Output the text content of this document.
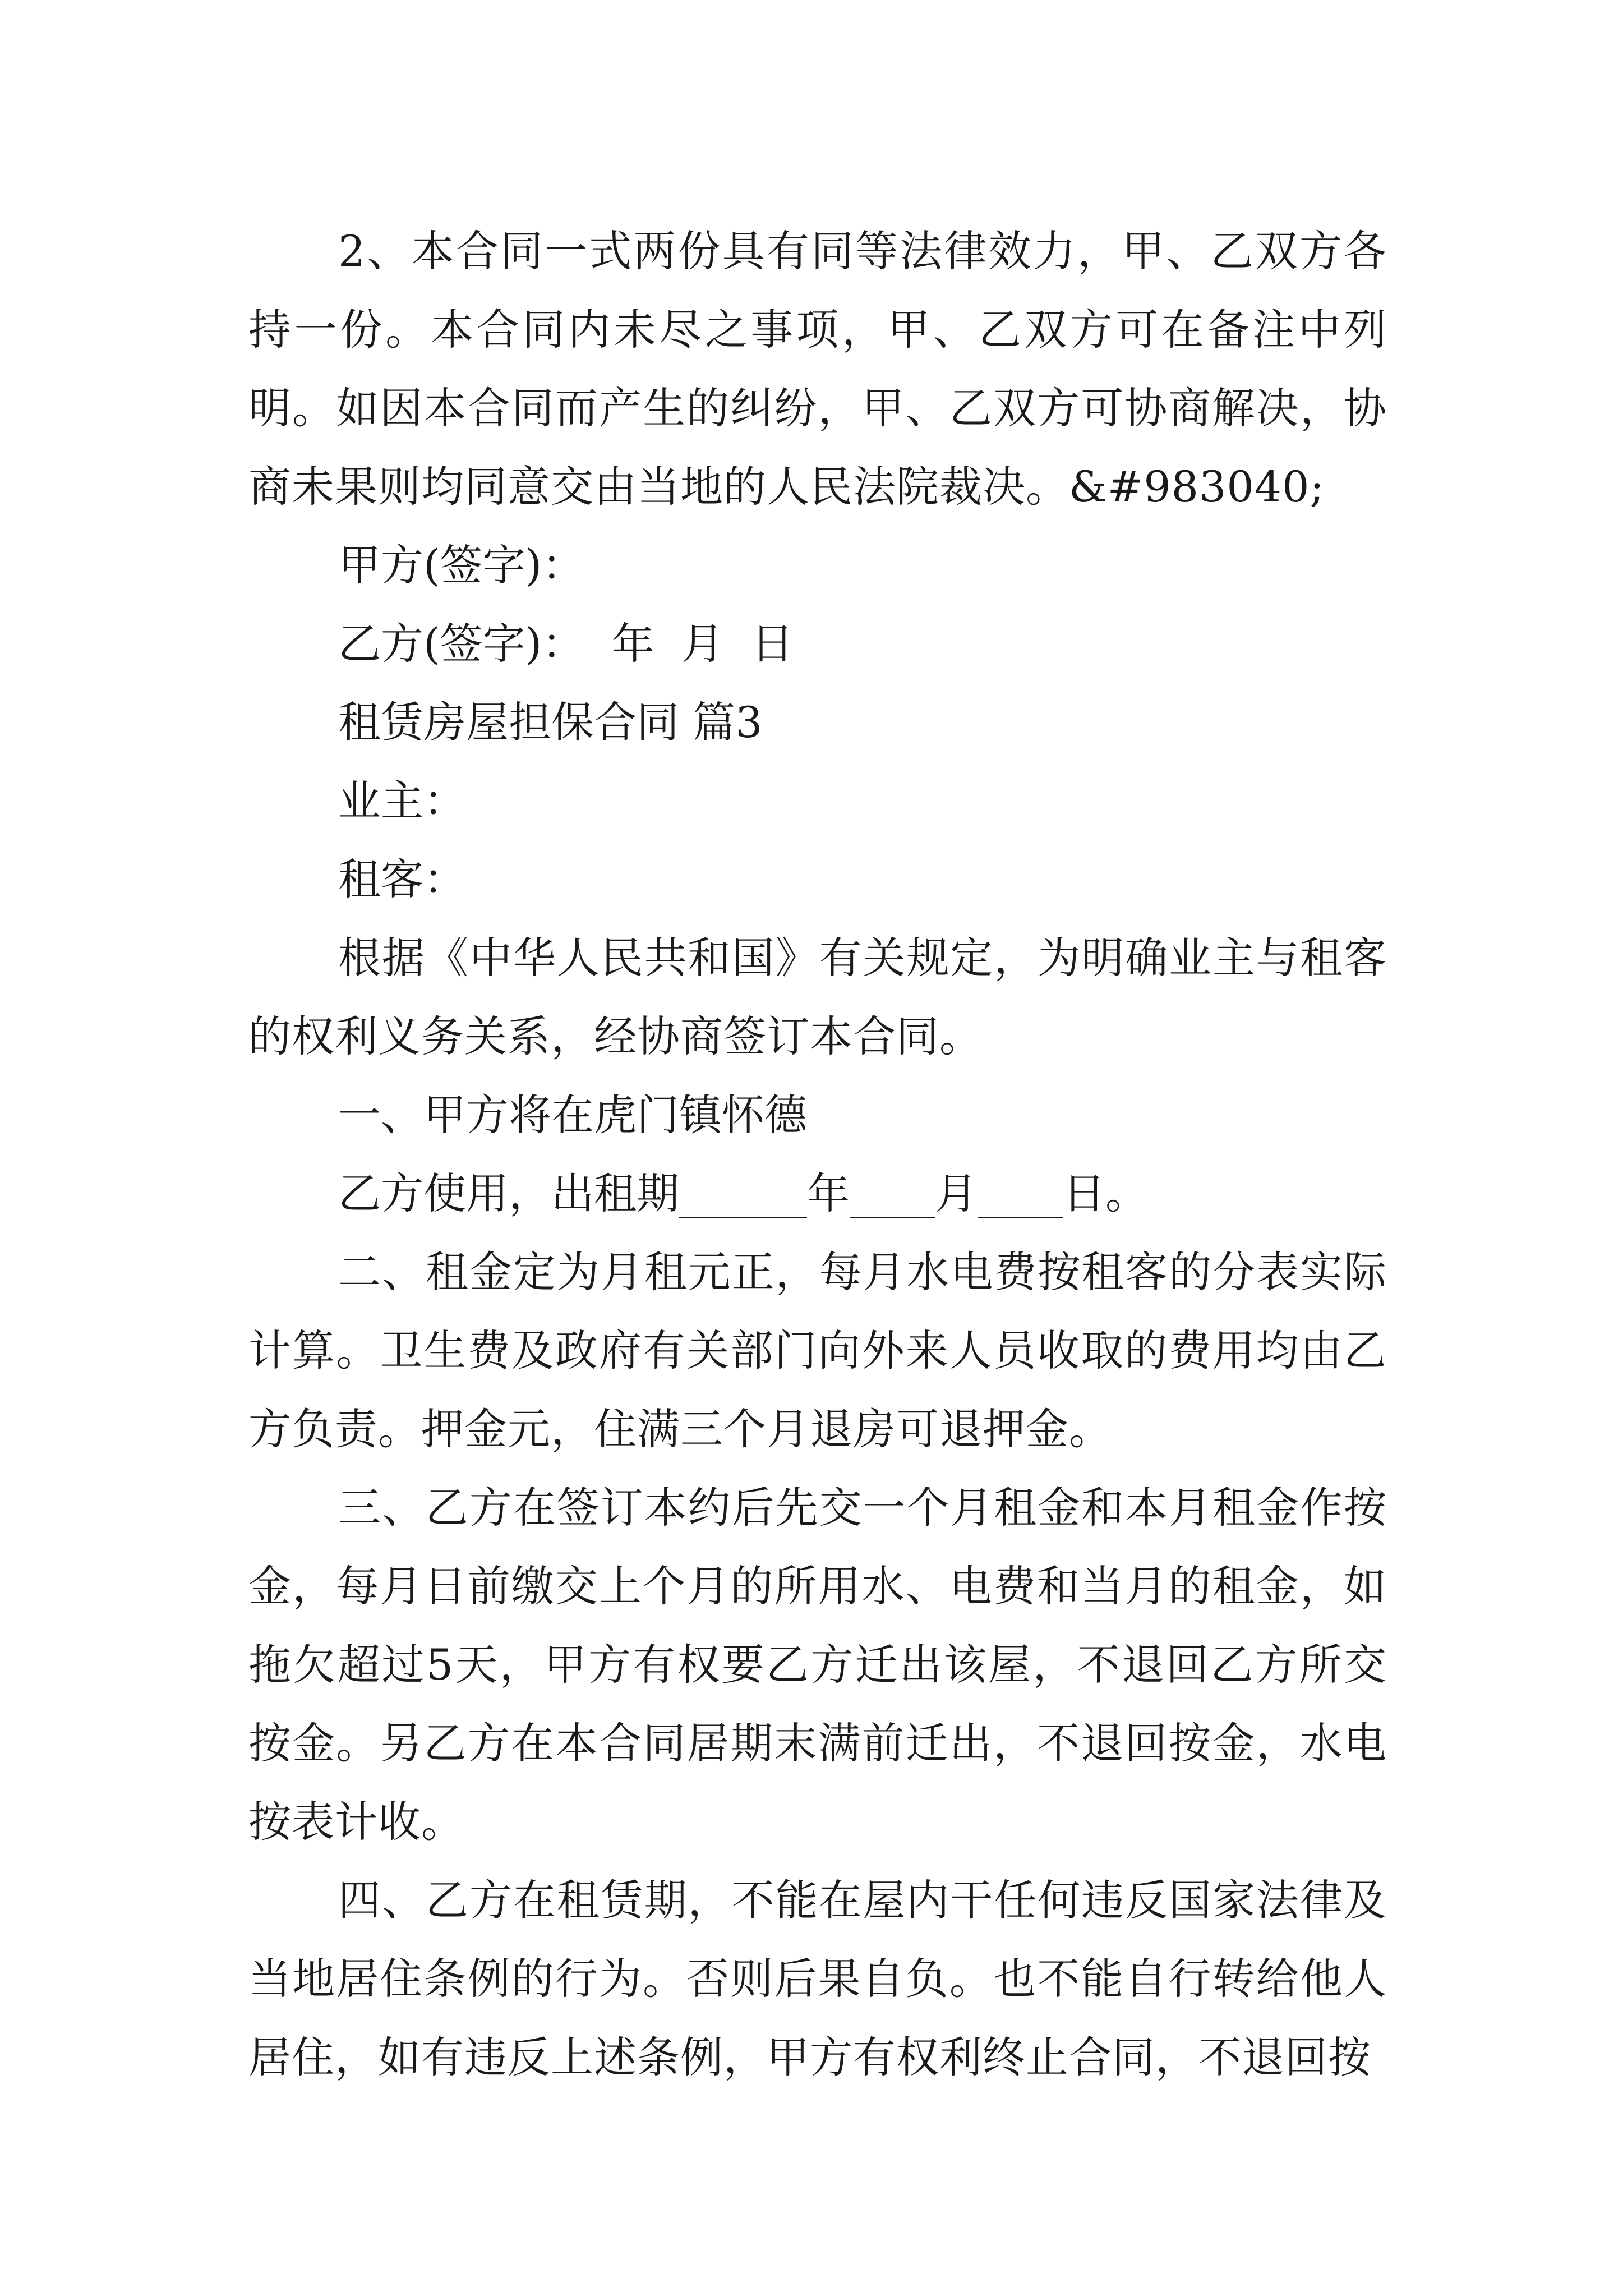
2、本合同一式两份具有同等法律效力，甲、乙双方各持一份。本合同内未尽之事项，甲、乙双方可在备注中列明。如因本合同而产生的纠纷，甲、乙双方可协商解决，协商未果则均同意交由当地的人民法院裁决。&#983040;

甲方(签字)：

乙方(签字)：  年  月  日

租赁房屋担保合同 篇3

业主：

租客：

根据《中华人民共和国》有关规定，为明确业主与租客的权利义务关系，经协商签订本合同。

一、甲方将在虎门镇怀德

乙方使用，出租期______年____月____日。

二、租金定为月租元正，每月水电费按租客的分表实际计算。卫生费及政府有关部门向外来人员收取的费用均由乙方负责。押金元，住满三个月退房可退押金。

三、乙方在签订本约后先交一个月租金和本月租金作按金，每月日前缴交上个月的所用水、电费和当月的租金，如拖欠超过5天，甲方有权要乙方迁出该屋，不退回乙方所交按金。另乙方在本合同居期末满前迁出，不退回按金，水电按表计收。

四、乙方在租赁期，不能在屋内干任何违反国家法律及当地居住条例的行为。否则后果自负。也不能自行转给他人居住，如有违反上述条例，甲方有权利终止合同，不退回按
